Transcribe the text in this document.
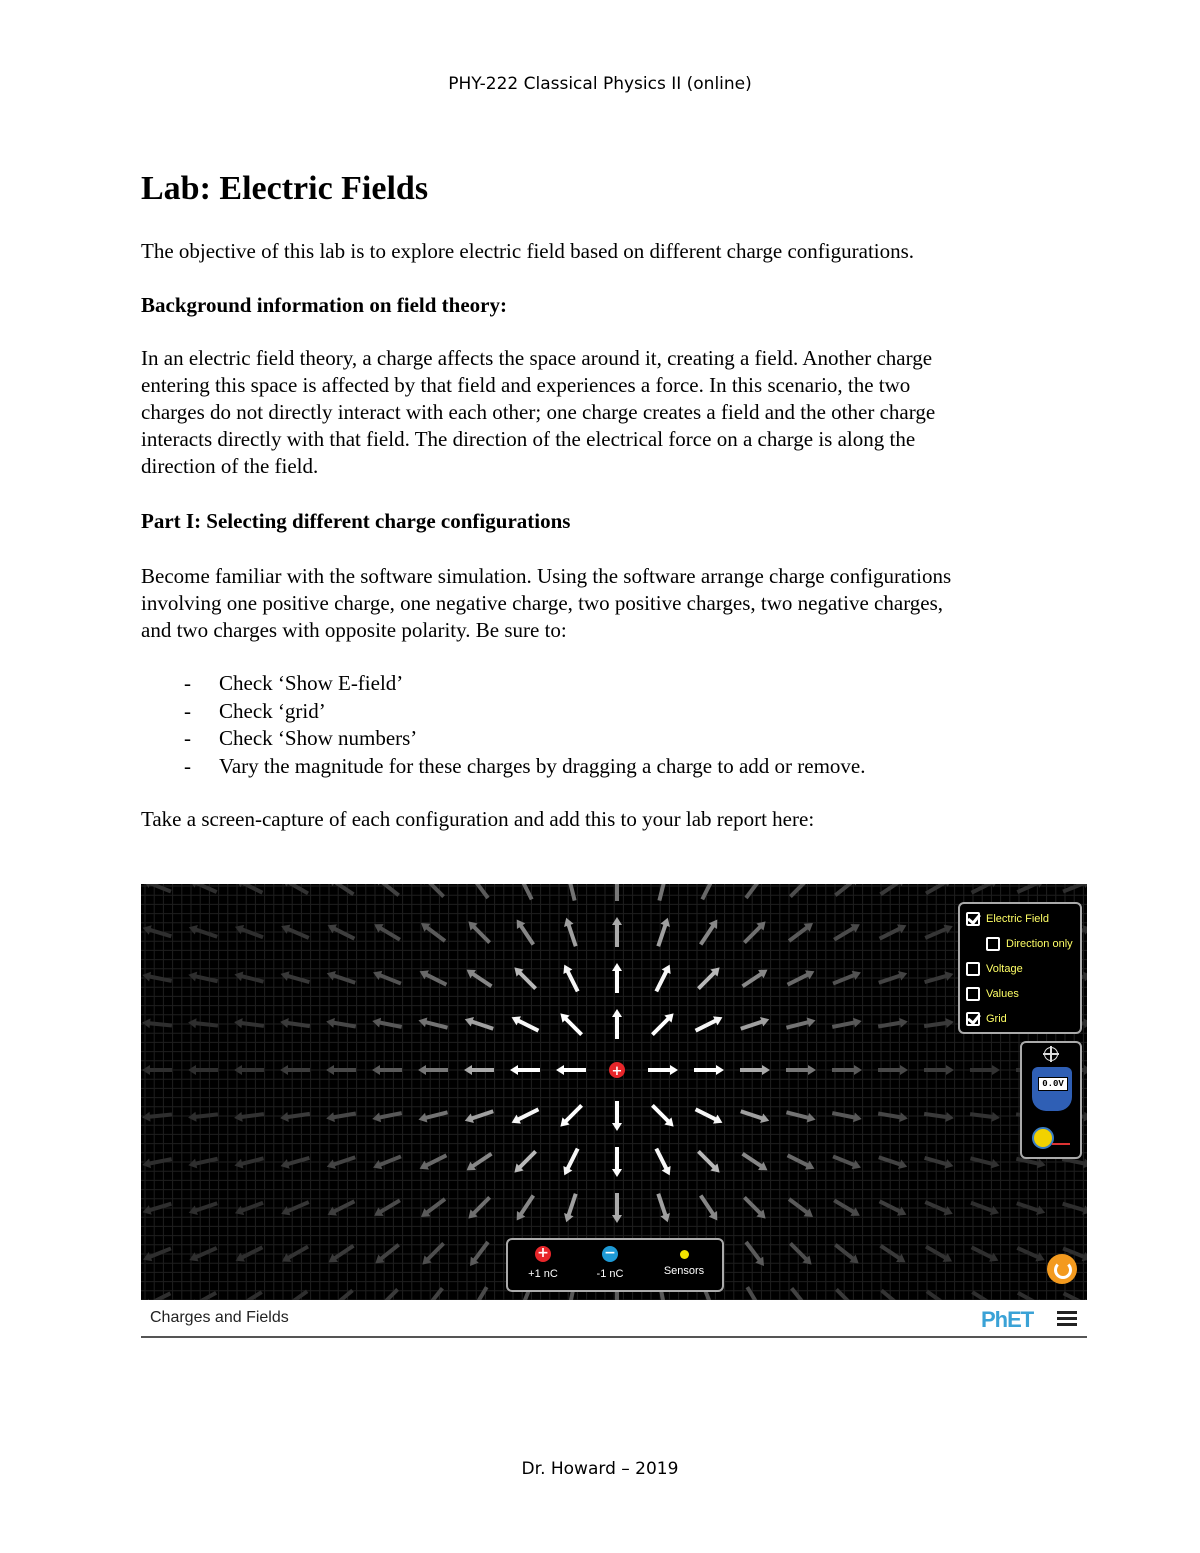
PHY-222 Classical Physics II (online)
Lab: Electric Fields
The objective of this lab is to explore electric field based on different charge configurations.
Background information on field theory:
In an electric field theory, a charge affects the space around it, creating a field. Another charge
entering this space is affected by that field and experiences a force. In this scenario, the two
charges do not directly interact with each other; one charge creates a field and the other charge
interacts directly with that field. The direction of the electrical force on a charge is along the
direction of the field.
Part I: Selecting different charge configurations
Become familiar with the software simulation. Using the software arrange charge configurations
involving one positive charge, one negative charge, two positive charges, two negative charges,
and two charges with opposite polarity. Be sure to:
- Check ‘Show E-field’
- Check ‘grid’
- Check ‘Show numbers’
- Vary the magnitude for these charges by dragging a charge to add or remove.
Take a screen-capture of each configuration and add this to your lab report here:
+
Electric Field
Direction only
Voltage
Values
Grid
0.0V
+
+1 nC
−
-1 nC	Sensors
Charges and Fields	PhET
Dr. Howard – 2019
